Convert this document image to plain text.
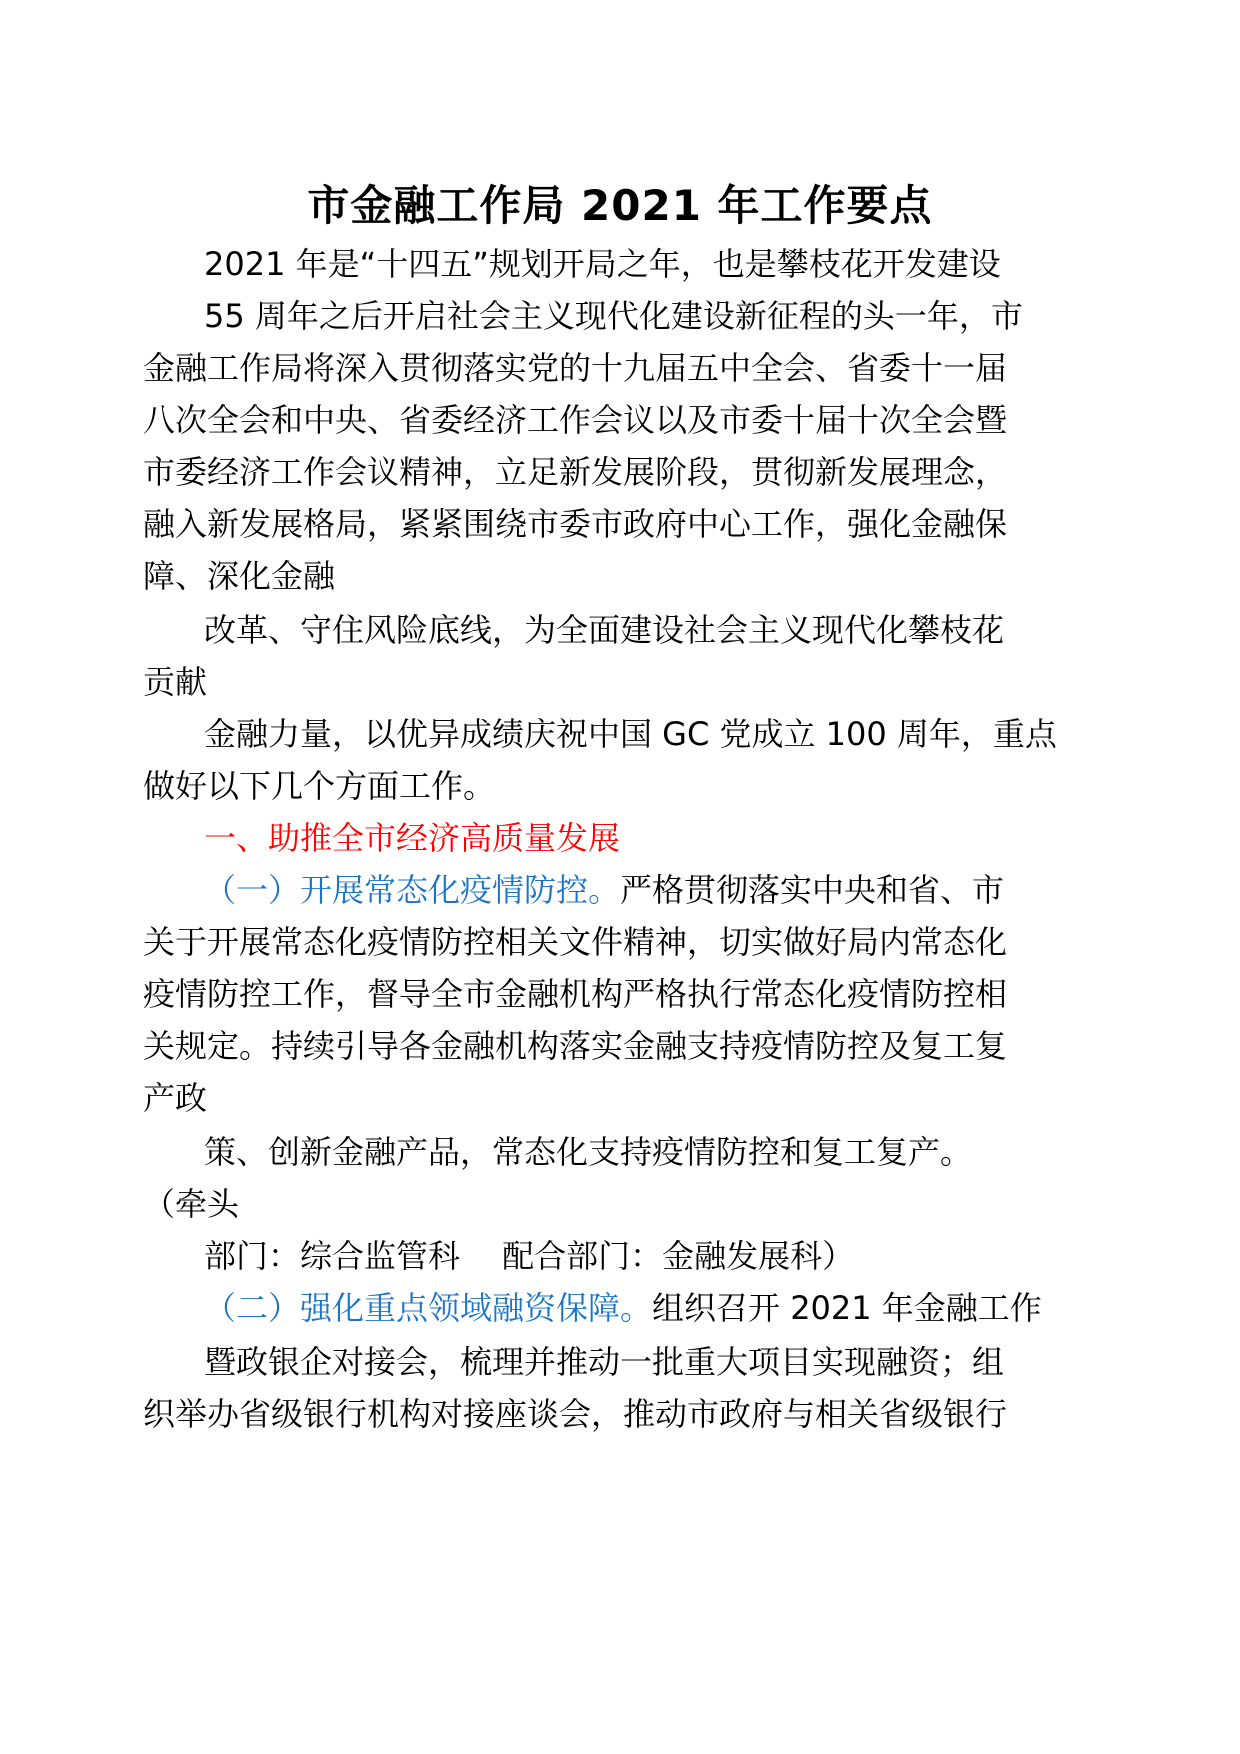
市金融工作局 2021 年工作要点
2021 年是“十四五”规划开局之年，也是攀枝花开发建设
55 周年之后开启社会主义现代化建设新征程的头一年，市
金融工作局将深入贯彻落实党的十九届五中全会、省委十一届
八次全会和中央、省委经济工作会议以及市委十届十次全会暨
市委经济工作会议精神，立足新发展阶段，贯彻新发展理念，
融入新发展格局，紧紧围绕市委市政府中心工作，强化金融保
障、深化金融
改革、守住风险底线，为全面建设社会主义现代化攀枝花
贡献
金融力量，以优异成绩庆祝中国 GC 党成立 100 周年，重点
做好以下几个方面工作。
一、助推全市经济高质量发展
（一）开展常态化疫情防控。严格贯彻落实中央和省、市
关于开展常态化疫情防控相关文件精神，切实做好局内常态化
疫情防控工作，督导全市金融机构严格执行常态化疫情防控相
关规定。持续引导各金融机构落实金融支持疫情防控及复工复
产政
策、创新金融产品，常态化支持疫情防控和复工复产。
（牵头
部门：综合监管科　 配合部门：金融发展科）
（二）强化重点领域融资保障。组织召开 2021 年金融工作
暨政银企对接会，梳理并推动一批重大项目实现融资；组
织举办省级银行机构对接座谈会，推动市政府与相关省级银行
